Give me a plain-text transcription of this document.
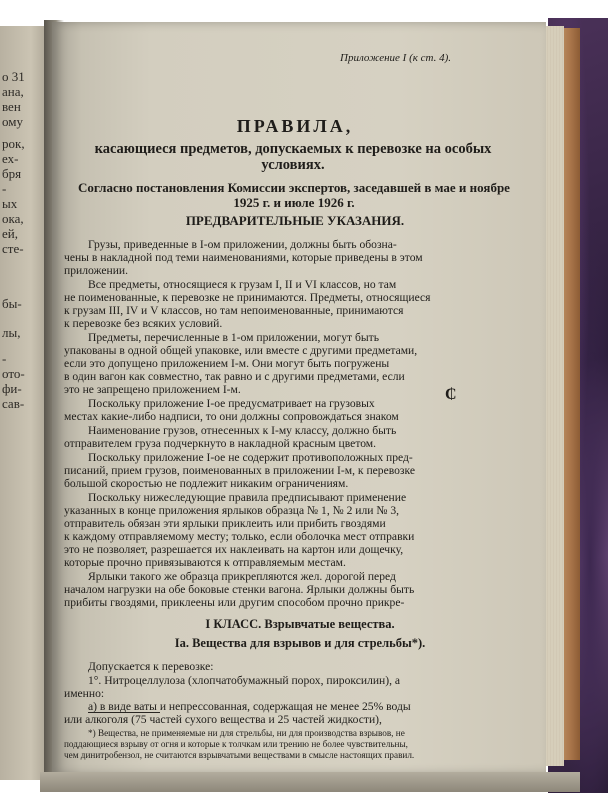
о 31
ана,
вен
ому
рок,
ех-
бря
-
ых
ока,
ей,
сте-
бы-
лы,
-
ото-
фи-
сав-
Приложение I (к ст. 4).
ПРАВИЛА,
касающиеся предметов, допускаемых к перевозке на особых условиях.
Согласно постановления Комиссии экспертов, заседавшей в мае и ноябре 1925 г. и июле 1926 г.
ПРЕДВАРИТЕЛЬНЫЕ УКАЗАНИЯ.
Грузы, приведенные в I-ом приложении, должны быть обозна-
чены в накладной под теми наименованиями, которые приведены в этом
приложении.
Все предметы, относящиеся к грузам I, II и VI классов, но там
не поименованные, к перевозке не принимаются. Предметы, относящиеся
к грузам III, IV и V классов, но там непоименованные, принимаются
к перевозке без всяких условий.
Предметы, перечисленные в 1-ом приложении, могут быть
упакованы в одной общей упаковке, или вместе с другими предметами,
если это допущено приложением I-м. Они могут быть погружены
в один вагон как совместно, так равно и с другими предметами, если
это не запрещено приложением I-м.
Поскольку приложение I-ое предусматривает на грузовых
местах какие-либо надписи, то они должны сопровождаться знаком
₵
Наименование грузов, отнесенных к I-му классу, должно быть
отправителем груза подчеркнуто в накладной красным цветом.
Поскольку приложение I-ое не содержит противоположных пред-
писаний, прием грузов, поименованных в приложении I-м, к перевозке
большой скоростью не подлежит никаким ограничениям.
Поскольку нижеследующие правила предписывают применение
указанных в конце приложения ярлыков образца № 1, № 2 или № 3,
отправитель обязан эти ярлыки приклеить или прибить гвоздями
к каждому отправляемому месту; только, если оболочка мест отправки
это не позволяет, разрешается их наклеивать на картон или дощечку,
которые прочно привязываются к отправляемым местам.
Ярлыки такого же образца прикрепляются жел. дорогой перед
началом нагрузки на обе боковые стенки вагона. Ярлыки должны быть
прибиты гвоздями, приклеены или другим способом прочно прикре-
I КЛАСС. Взрывчатые вещества.
Ia. Вещества для взрывов и для стрельбы*).
Допускается к перевозке:
1°. Нитроцеллулоза (хлопчатобумажный порох, пироксилин), а
именно:
а) в виде ваты и непрессованная, содержащая не менее 25% воды
или алкоголя (75 частей сухого вещества и 25 частей жидкости),
*) Вещества, не применяемые ни для стрельбы, ни для производства взрывов, не
поддающиеся взрыву от огня и которые к толчкам или трению не более чувствительны,
чем динитробензол, не считаются взрывчатыми веществами в смысле настоящих правил.
